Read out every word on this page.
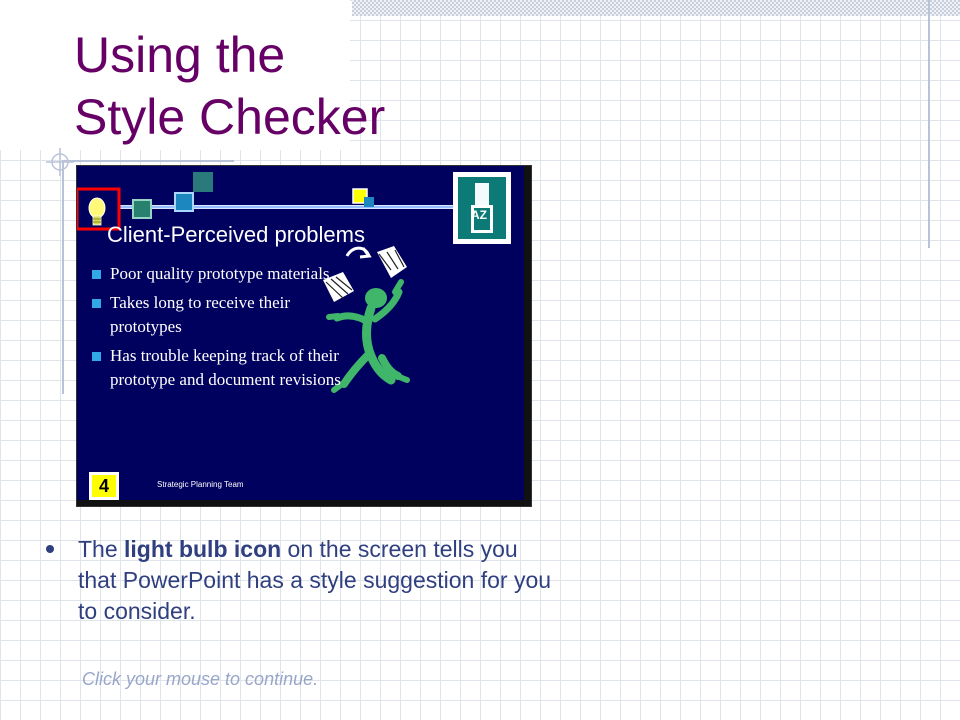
Using the
Style Checker
Client-Perceived problems
Poor quality prototype materials
Takes long to receive their prototypes
Has trouble keeping track of their prototype and document revisions
AZ
4	Strategic Planning Team

The light bulb icon on the screen tells you that PowerPoint has a style suggestion for you to consider.

Click your mouse to continue.
